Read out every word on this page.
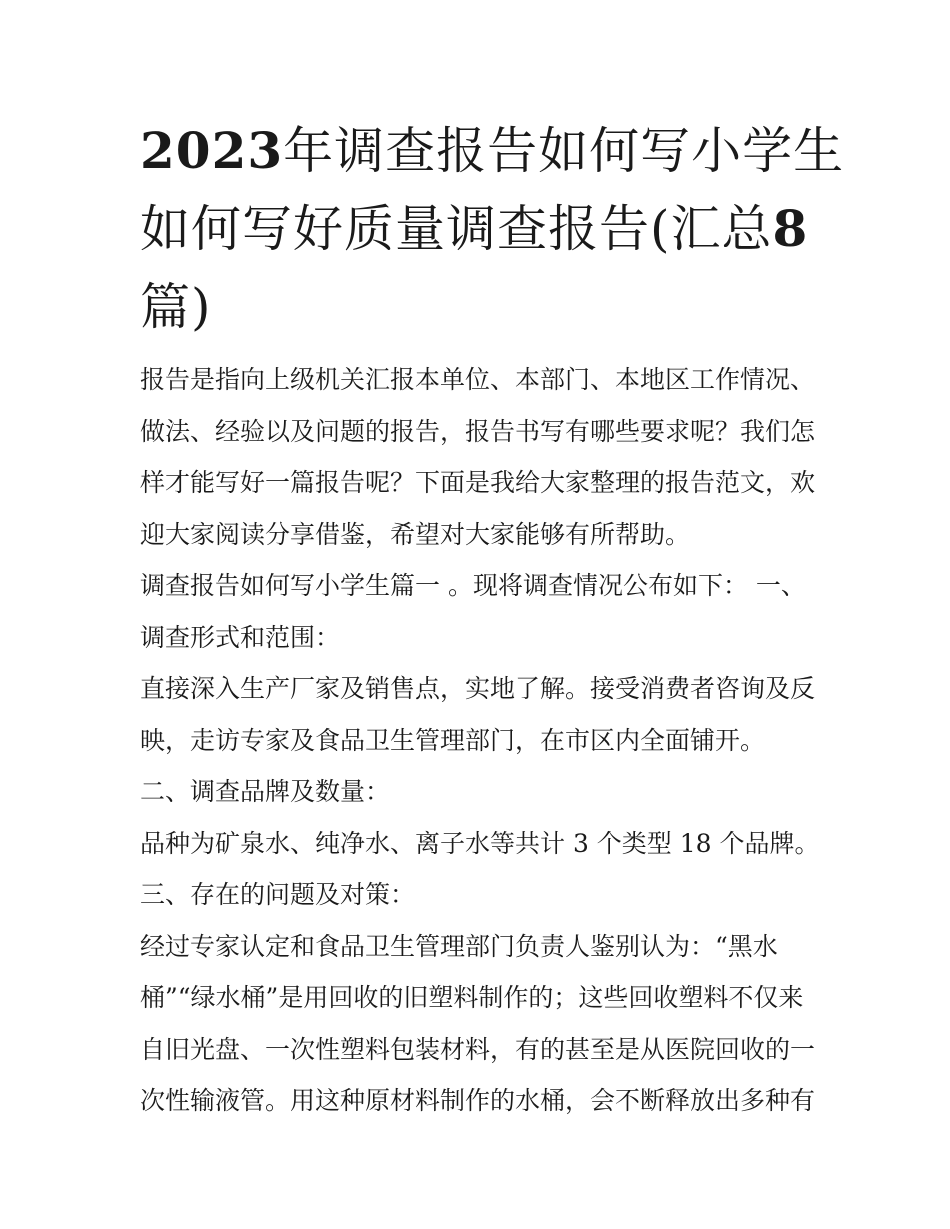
2023年调查报告如何写小学生
如何写好质量调查报告(汇总8
篇)
报告是指向上级机关汇报本单位、本部门、本地区工作情况、
做法、经验以及问题的报告，报告书写有哪些要求呢？我们怎
样才能写好一篇报告呢？下面是我给大家整理的报告范文，欢
迎大家阅读分享借鉴，希望对大家能够有所帮助。
调查报告如何写小学生篇一 。现将调查情况公布如下： 一、
调查形式和范围：
直接深入生产厂家及销售点，实地了解。接受消费者咨询及反
映，走访专家及食品卫生管理部门，在市区内全面铺开。
二、调查品牌及数量：
品种为矿泉水、纯净水、离子水等共计 3 个类型 18 个品牌。
三、存在的问题及对策：
经过专家认定和食品卫生管理部门负责人鉴别认为：“黑水
桶”“绿水桶”是用回收的旧塑料制作的；这些回收塑料不仅来
自旧光盘、一次性塑料包装材料，有的甚至是从医院回收的一
次性输液管。用这种原材料制作的水桶，会不断释放出多种有
